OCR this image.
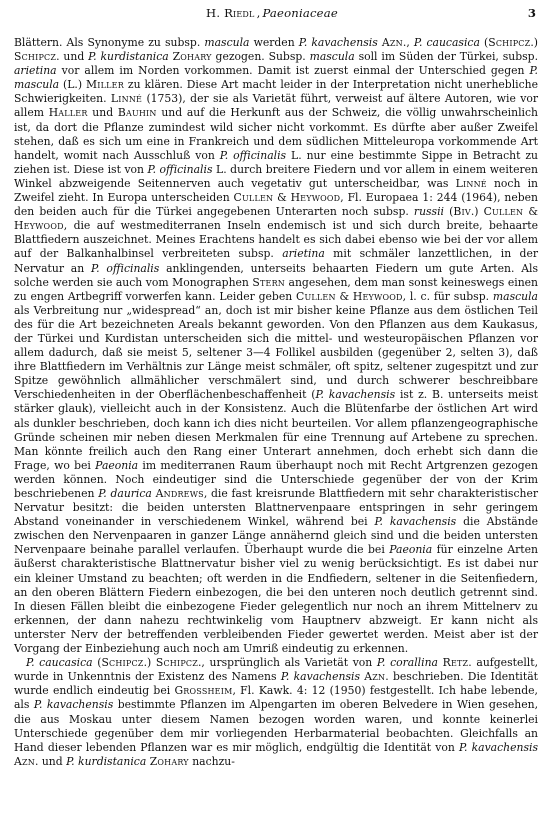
H. Riedl , Paeoniaceae	3

Blättern. Als Synonyme zu subsp. mascula werden P. kavachensis Azn., P. caucasica (Schipcz.) Schipcz. und P. kurdistanica Zohary gezogen. Subsp. mascula soll im Süden der Türkei, subsp. arietina vor allem im Norden vorkommen. Damit ist zuerst einmal der Unterschied gegen P. mascula (L.) Miller zu klären. Diese Art macht leider in der Interpretation nicht unerhebliche Schwierigkeiten. Linné (1753), der sie als Varietät führt, verweist auf ältere Autoren, wie vor allem Haller und Bauhin und auf die Herkunft aus der Schweiz, die völlig unwahrscheinlich ist, da dort die Pflanze zumindest wild sicher nicht vorkommt. Es dürfte aber außer Zweifel stehen, daß es sich um eine in Frankreich und dem südlichen Mitteleuropa vorkommende Art handelt, womit nach Ausschluß von P. officinalis L. nur eine bestimmte Sippe in Betracht zu ziehen ist. Diese ist von P. officinalis L. durch breitere Fiedern und vor allem in einem weiteren Winkel abzweigende Seitennerven auch vegetativ gut unterscheidbar, was Linné noch in Zweifel zieht. In Europa unterscheiden Cullen & Heywood, Fl. Europaea 1: 244 (1964), neben den beiden auch für die Türkei angegebenen Unterarten noch subsp. russii (Biv.) Cullen & Heywood, die auf westmediterranen Inseln endemisch ist und sich durch breite, behaarte Blattfiedern auszeichnet. Meines Erachtens handelt es sich dabei ebenso wie bei der vor allem auf der Balkanhalbinsel verbreiteten subsp. arietina mit schmäler lanzettlichen, in der Nervatur an P. officinalis anklingenden, unterseits behaarten Fiedern um gute Arten. Als solche werden sie auch vom Monographen Stern angesehen, dem man sonst keineswegs einen zu engen Artbegriff vorwerfen kann. Leider geben Cullen & Heywood, l. c. für subsp. mascula als Verbreitung nur „widespread“ an, doch ist mir bisher keine Pflanze aus dem östlichen Teil des für die Art bezeichneten Areals bekannt geworden. Von den Pflanzen aus dem Kaukasus, der Türkei und Kurdistan unterscheiden sich die mittel- und westeuropäischen Pflanzen vor allem dadurch, daß sie meist 5, seltener 3—4 Follikel ausbilden (gegenüber 2, selten 3), daß ihre Blattfiedern im Verhältnis zur Länge meist schmäler, oft spitz, seltener zugespitzt und zur Spitze gewöhnlich allmählicher verschmälert sind, und durch schwerer beschreibbare Verschiedenheiten in der Oberflächenbeschaffenheit (P. kavachensis ist z. B. unterseits meist stärker glauk), vielleicht auch in der Konsistenz. Auch die Blütenfarbe der östlichen Art wird als dunkler beschrieben, doch kann ich dies nicht beurteilen. Vor allem pflanzengeographische Gründe scheinen mir neben diesen Merkmalen für eine Trennung auf Artebene zu sprechen. Man könnte freilich auch den Rang einer Unterart annehmen, doch erhebt sich dann die Frage, wo bei Paeonia im mediterranen Raum überhaupt noch mit Recht Artgrenzen gezogen werden können. Noch eindeutiger sind die Unterschiede gegenüber der von der Krim beschriebenen P. daurica Andrews, die fast kreisrunde Blattfiedern mit sehr charakteristischer Nervatur besitzt: die beiden untersten Blattnervenpaare entspringen in sehr geringem Abstand voneinander in verschiedenem Winkel, während bei P. kavachensis die Abstände zwischen den Nervenpaaren in ganzer Länge annähernd gleich sind und die beiden untersten Nervenpaare beinahe parallel verlaufen. Überhaupt wurde die bei Paeonia für einzelne Arten äußerst charakteristische Blattnervatur bisher viel zu wenig berücksichtigt. Es ist dabei nur ein kleiner Umstand zu beachten; oft werden in die Endfiedern, seltener in die Seitenfiedern, an den oberen Blättern Fiedern einbezogen, die bei den unteren noch deutlich getrennt sind. In diesen Fällen bleibt die einbezogene Fieder gelegentlich nur noch an ihrem Mittelnerv zu erkennen, der dann nahezu rechtwinkelig vom Hauptnerv abzweigt. Er kann nicht als unterster Nerv der betreffenden verbleibenden Fieder gewertet werden. Meist aber ist der Vorgang der Einbeziehung auch noch am Umriß eindeutig zu erkennen.

P. caucasica (Schipcz.) Schipcz., ursprünglich als Varietät von P. corallina Retz. aufgestellt, wurde in Unkenntnis der Existenz des Namens P. kavachensis Azn. beschrieben. Die Identität wurde endlich eindeutig bei Grossheim, Fl. Kawk. 4: 12 (1950) festgestellt. Ich habe lebende, als P. kavachensis bestimmte Pflanzen im Alpengarten im oberen Belvedere in Wien gesehen, die aus Moskau unter diesem Namen bezogen worden waren, und konnte keinerlei Unterschiede gegenüber dem mir vorliegenden Herbarmaterial beobachten. Gleichfalls an Hand dieser lebenden Pflanzen war es mir möglich, endgültig die Identität von P. kavachensis Azn. und P. kurdistanica Zohary nachzu-
